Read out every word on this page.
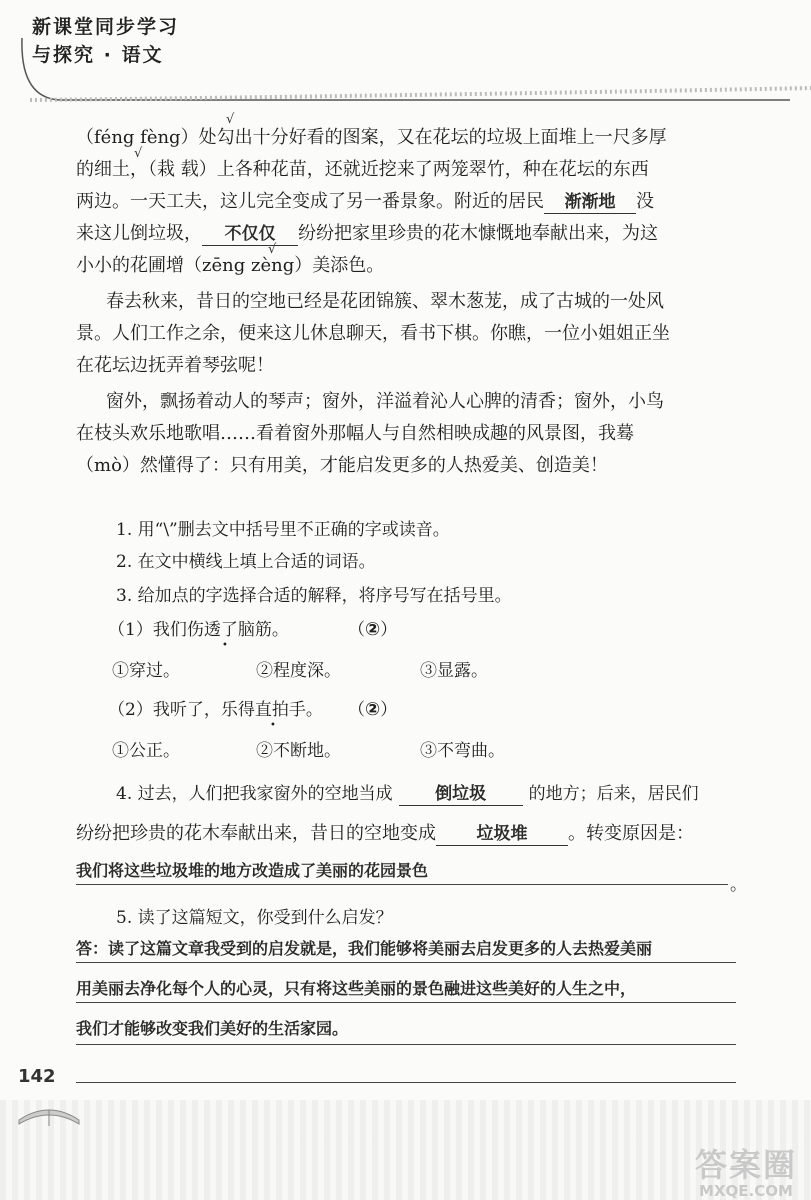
新课堂同步学习
与探究 · 语文
（féng fèng）处勾出十分好看的图案，又在花坛的垃圾上面堆上一尺多厚
√
的细土，（栽 载）上各种花苗，还就近挖来了两笼翠竹，种在花坛的东西
√
两边。一天工夫，这儿完全变成了另一番景象。附近的居民 渐渐地 没
来这儿倒垃圾， 不仅仅 纷纷把家里珍贵的花木慷慨地奉献出来，为这
小小的花圃增（zēng zèng）美添色。
√
春去秋来，昔日的空地已经是花团锦簇、翠木葱茏，成了古城的一处风
景。人们工作之余，便来这儿休息聊天，看书下棋。你瞧，一位小姐姐正坐
在花坛边抚弄着琴弦呢！
窗外，飘扬着动人的琴声；窗外，洋溢着沁人心脾的清香；窗外，小鸟
在枝头欢乐地歌唱……看着窗外那幅人与自然相映成趣的风景图，我蓦
（mò）然懂得了：只有用美，才能启发更多的人热爱美、创造美！
1. 用“\”删去文中括号里不正确的字或读音。
2. 在文中横线上填上合适的词语。
3. 给加点的字选择合适的解释，将序号写在括号里。
（1）我们伤透了脑筋。
•
（②）
①穿过。	②程度深。	③显露。
（2）我听了，乐得直拍手。
•
（②）
①公正。	②不断地。	③不弯曲。
4. 过去，人们把我家窗外的空地当成	倒垃圾	的地方；后来，居民们
纷纷把珍贵的花木奉献出来，昔日的空地变成 垃圾堆 。转变原因是：
我们将这些垃圾堆的地方改造成了美丽的花园景色
。
5. 读了这篇短文，你受到什么启发？
答：读了这篇文章我受到的启发就是，我们能够将美丽去启发更多的人去热爱美丽
用美丽去净化每个人的心灵，只有将这些美丽的景色融进这些美好的人生之中，
我们才能够改变我们美好的生活家园。
142
答案圈
MXQE.COM
